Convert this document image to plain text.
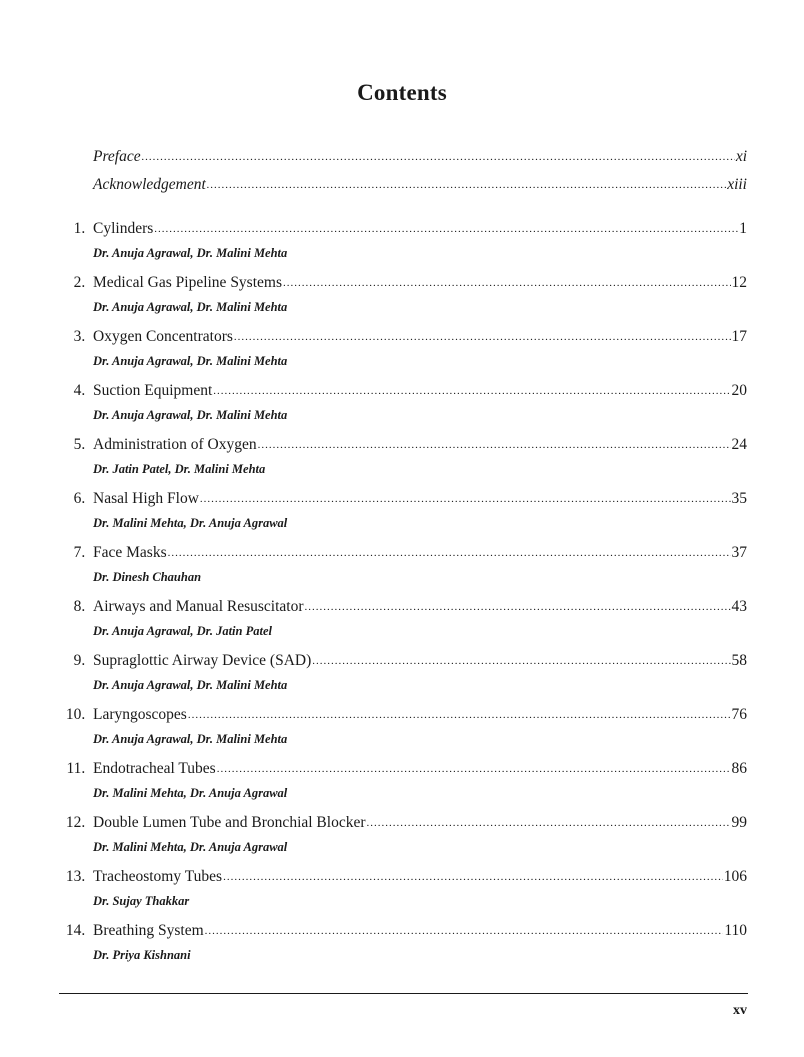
Contents
Preface .....	xi
Acknowledgement .....	xiii
1. Cylinders .....	1
Dr. Anuja Agrawal, Dr. Malini Mehta
2. Medical Gas Pipeline Systems .....	12
Dr. Anuja Agrawal, Dr. Malini Mehta
3. Oxygen Concentrators .....	17
Dr. Anuja Agrawal, Dr. Malini Mehta
4. Suction Equipment .....	20
Dr. Anuja Agrawal, Dr. Malini Mehta
5. Administration of Oxygen .....	24
Dr. Jatin Patel, Dr. Malini Mehta
6. Nasal High Flow .....	35
Dr. Malini Mehta, Dr. Anuja Agrawal
7. Face Masks .....	37
Dr. Dinesh Chauhan
8. Airways and Manual Resuscitator .....	43
Dr. Anuja Agrawal, Dr. Jatin Patel
9. Supraglottic Airway Device (SAD) .....	58
Dr. Anuja Agrawal, Dr. Malini Mehta
10. Laryngoscopes .....	76
Dr. Anuja Agrawal, Dr. Malini Mehta
11. Endotracheal Tubes .....	86
Dr. Malini Mehta, Dr. Anuja Agrawal
12. Double Lumen Tube and Bronchial Blocker .....	99
Dr. Malini Mehta, Dr. Anuja Agrawal
13. Tracheostomy Tubes .....	106
Dr. Sujay Thakkar
14. Breathing System .....	110
Dr. Priya Kishnani
xv
